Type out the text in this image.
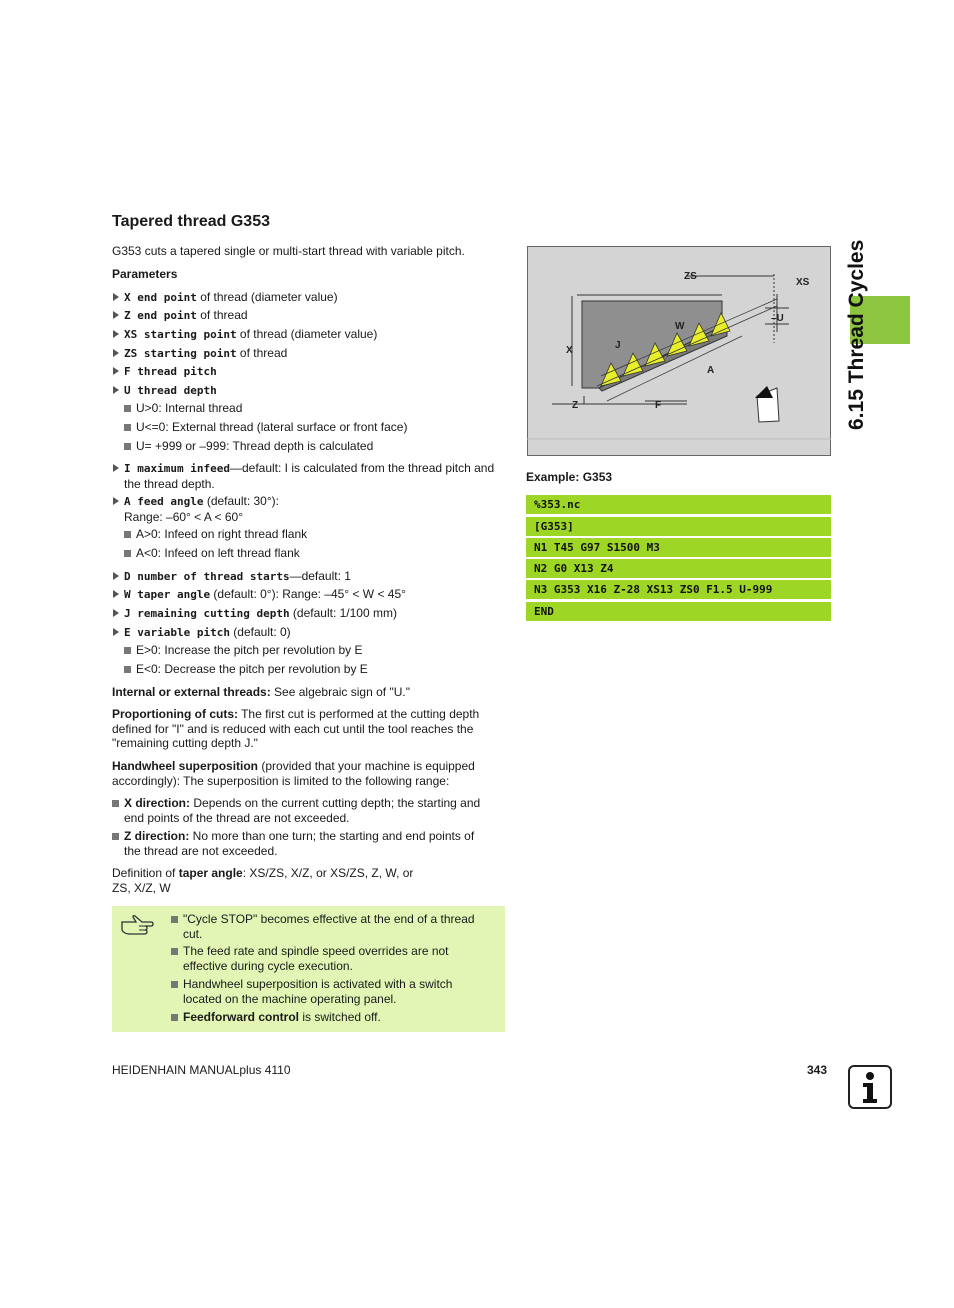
Tapered thread G353
G353 cuts a tapered single or multi-start thread with variable pitch.
Parameters
X end point of thread (diameter value)
Z end point of thread
XS starting point of thread (diameter value)
ZS starting point of thread
F thread pitch
U thread depth
U>0: Internal thread
U<=0: External thread (lateral surface or front face)
U= +999 or –999: Thread depth is calculated
I maximum infeed—default: I is calculated from the thread pitch and
the thread depth.
A feed angle (default: 30°):
Range: –60° < A < 60°
A>0: Infeed on right thread flank
A<0: Infeed on left thread flank
D number of thread starts—default: 1
W taper angle (default: 0°): Range: –45° < W < 45°
J remaining cutting depth (default: 1/100 mm)
E variable pitch (default: 0)
E>0: Increase the pitch per revolution by E
E<0: Decrease the pitch per revolution by E
Internal or external threads: See algebraic sign of "U."
Proportioning of cuts: The first cut is performed at the cutting depth
defined for "I" and is reduced with each cut until the tool reaches the
"remaining cutting depth J."
Handwheel superposition (provided that your machine is equipped
accordingly): The superposition is limited to the following range:
X direction: Depends on the current cutting depth; the starting and
end points of the thread are not exceeded.
Z direction: No more than one turn; the starting and end points of
the thread are not exceeded.
Definition of taper angle: XS/ZS, X/Z, or XS/ZS, Z, W, or
ZS, X/Z, W
"Cycle STOP" becomes effective at the end of a thread
cut.
The feed rate and spindle speed overrides are not
effective during cycle execution.
Handwheel superposition is activated with a switch
located on the machine operating panel.
Feedforward control is switched off.
ZS
XS
–U
X
W
J
A
Z	F
Example: G353
%353.nc
[G353]
N1 T45 G97 S1500 M3
N2 G0 X13 Z4
N3 G353 X16 Z-28 XS13 ZS0 F1.5 U-999
END
6.15 Thread Cycles
HEIDENHAIN MANUALplus 4110	343
